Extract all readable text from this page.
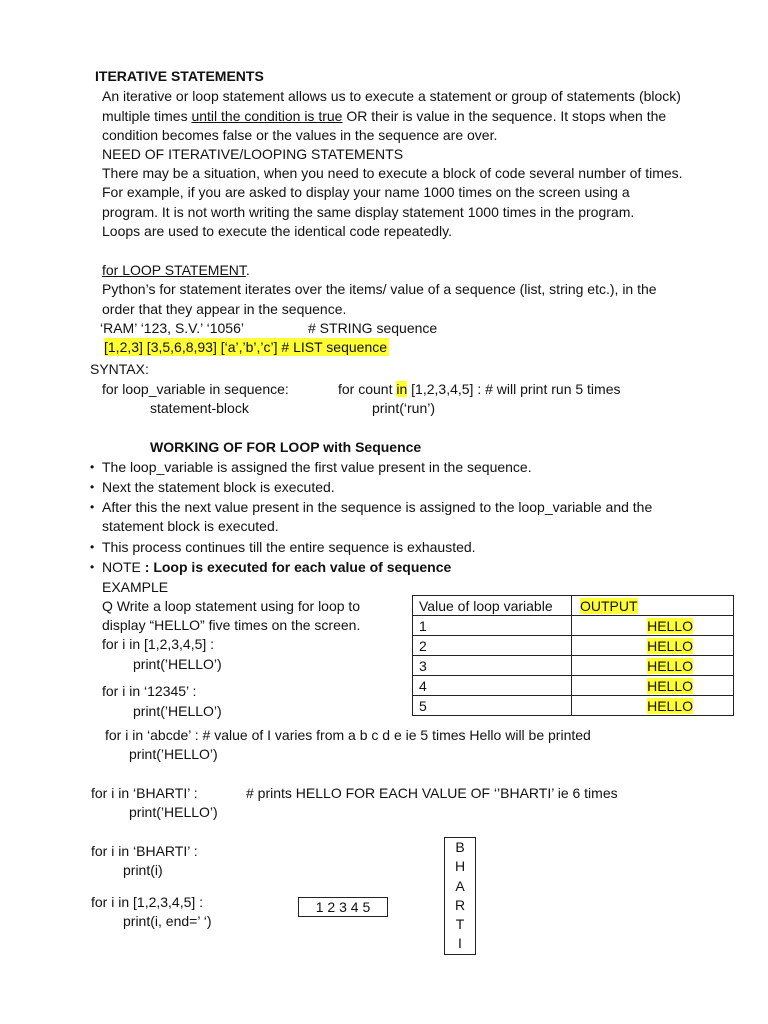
ITERATIVE STATEMENTS
An iterative or loop statement allows us to execute a statement or group of statements (block)
multiple times until the condition is true OR their is value in the sequence. It stops when the
condition becomes false or the values in the sequence are over.
NEED OF ITERATIVE/LOOPING STATEMENTS
There may be a situation, when you need to execute a block of code several number of times.
For example, if you are asked to display your name 1000 times on the screen using a
program. It is not worth writing the same display statement 1000 times in the program.
Loops are used to execute the identical code repeatedly.
for LOOP STATEMENT.
Python’s for statement iterates over the items/ value of a sequence (list, string etc.), in the
order that they appear in the sequence.
‘RAM’ ‘123, S.V.’ ‘1056’	# STRING sequence
[1,2,3] [3,5,6,8,93] [‘a’,’b’,’c’] # LIST sequence
SYNTAX:
for loop_variable in sequence:
statement-block
for count in [1,2,3,4,5] : # will print run 5 times
print(‘run’)
WORKING OF FOR LOOP with Sequence
• The loop_variable is assigned the first value present in the sequence.
• Next the statement block is executed.
• After this the next value present in the sequence is assigned to the loop_variable and the
statement block is executed.
• This process continues till the entire sequence is exhausted.
• NOTE : Loop is executed for each value of sequence
EXAMPLE
Q Write a loop statement using for loop to
display “HELLO” five times on the screen.
for i in [1,2,3,4,5] :
print(’HELLO’)
for i in ‘12345’ :
print(’HELLO’)
for i in ‘abcde’ : # value of I varies from a b c d e ie 5 times Hello will be printed
print(’HELLO’)
for i in ‘BHARTI’ :	# prints HELLO FOR EACH VALUE OF ‘’BHARTI’ ie 6 times
print(’HELLO’)
for i in ‘BHARTI’ :
print(i)
for i in [1,2,3,4,5] :
print(i, end=’ ‘)
Value of loop variable	OUTPUT
1	HELLO
2	HELLO
3	HELLO
4	HELLO
5	HELLO
1 2 3 4 5
B
H
A
R
T
I
